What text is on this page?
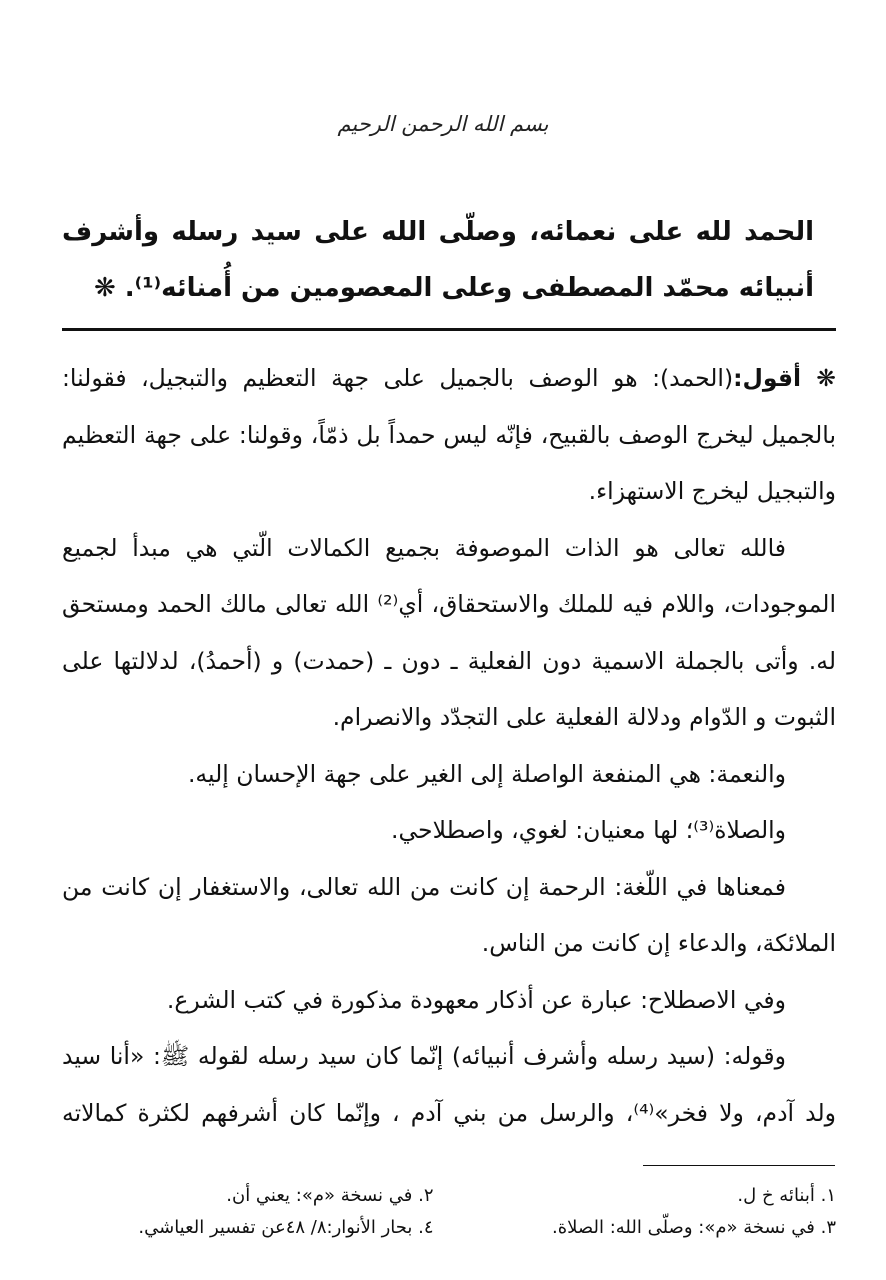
بسم الله الرحمن الرحيم
الحمد لله على نعمائه، وصلّى الله على سيد رسله وأشرف أنبيائه محمّد المصطفى وعلى المعصومين من أُمنائه⁽¹⁾. ❋

❋ أقول:(الحمد): هو الوصف بالجميل على جهة التعظيم والتبجيل، فقولنا: بالجميل ليخرج الوصف بالقبيح، فإنّه ليس حمداً بل ذمّاً، وقولنا: على جهة التعظيم والتبجيل ليخرج الاستهزاء.

فالله تعالى هو الذات الموصوفة بجميع الكمالات الّتي هي مبدأ لجميع الموجودات، واللام فيه للملك والاستحقاق، أي⁽²⁾ الله تعالى مالك الحمد ومستحق له. وأتى بالجملة الاسمية دون الفعلية ـ دون ـ (حمدت) و (أحمدُ)، لدلالتها على الثبوت و الدّوام ودلالة الفعلية على التجدّد والانصرام.

والنعمة: هي المنفعة الواصلة إلى الغير على جهة الإحسان إليه.

والصلاة⁽³⁾؛ لها معنيان: لغوي، واصطلاحي.

فمعناها في اللّغة: الرحمة إن كانت من الله تعالى، والاستغفار إن كانت من الملائكة، والدعاء إن كانت من الناس.

وفي الاصطلاح: عبارة عن أذكار معهودة مذكورة في كتب الشرع.

وقوله: (سيد رسله وأشرف أنبيائه) إنّما كان سيد رسله لقوله ﷺ: «أنا سيد ولد آدم، ولا فخر»⁽⁴⁾، والرسل من بني آدم ، وإنّما كان أشرفهم لكثرة كمالاته

١. أبنائه خ ل.
٢. في نسخة «م»: يعني أن.
٣. في نسخة «م»: وصلّى الله: الصلاة.
٤. بحار الأنوار:٨/ ٤٨عن تفسير العياشي.
